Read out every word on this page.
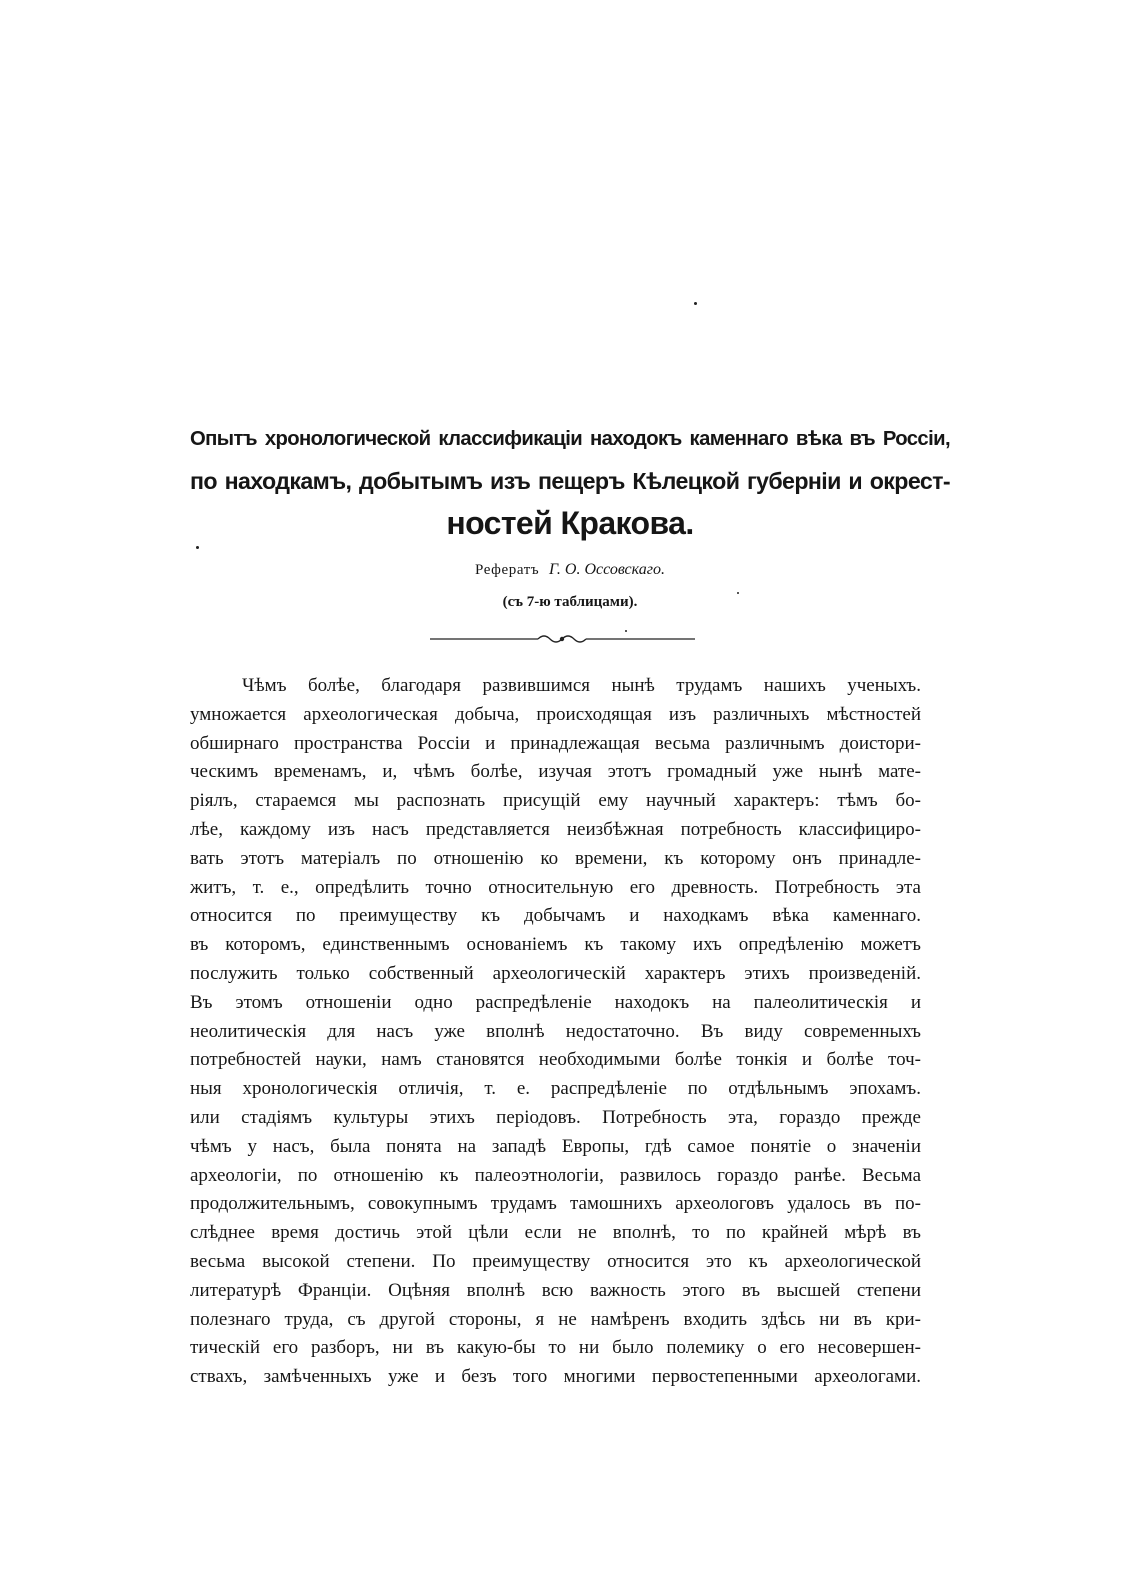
Опытъ хронологической классификаціи находокъ каменнаго вѣка въ Россіи,
по находкамъ, добытымъ изъ пещеръ Кѣлецкой губерніи и окрест-
ностей Кракова.
Рефератъ Г. О. Оссовскаго.
(съ 7-ю таблицами).
Чѣмъ болѣе, благодаря развившимся нынѣ трудамъ нашихъ ученыхъ.
умножается археологическая добыча, происходящая изъ различныхъ мѣстностей
обширнаго пространства Россіи и принадлежащая весьма различнымъ доистори-
ческимъ временамъ, и, чѣмъ болѣе, изучая этотъ громадный уже нынѣ мате-
ріялъ, стараемся мы распознать присущій ему научный характеръ: тѣмъ бо-
лѣе, каждому изъ насъ представляется неизбѣжная потребность классифициро-
вать этотъ матеріалъ по отношенію ко времени, къ которому онъ принадле-
житъ, т. е., опредѣлить точно относительную его древность. Потребность эта
относится по преимуществу къ добычамъ и находкамъ вѣка каменнаго.
въ которомъ, единственнымъ основаніемъ къ такому ихъ опредѣленію можетъ
послужить только собственный археологическій характеръ этихъ произведеній.
Въ этомъ отношеніи одно распредѣленіе находокъ на палеолитическія и
неолитическія для насъ уже вполнѣ недостаточно. Въ виду современныхъ
потребностей науки, намъ становятся необходимыми болѣе тонкія и болѣе точ-
ныя хронологическія отличія, т. е. распредѣленіе по отдѣльнымъ эпохамъ.
или стадіямъ культуры этихъ періодовъ. Потребность эта, гораздо прежде
чѣмъ у насъ, была понята на западѣ Европы, гдѣ самое понятіе о значеніи
археологіи, по отношенію къ палеоэтнологіи, развилось гораздо ранѣе. Весьма
продолжительнымъ, совокупнымъ трудамъ тамошнихъ археологовъ удалось въ по-
слѣднее время достичь этой цѣли если не вполнѣ, то по крайней мѣрѣ въ
весьма высокой степени. По преимуществу относится это къ археологической
литературѣ Франціи. Оцѣняя вполнѣ всю важность этого въ высшей степени
полезнаго труда, съ другой стороны, я не намѣренъ входить здѣсь ни въ кри-
тическій его разборъ, ни въ какую-бы то ни было полемику о его несовершен-
ствахъ, замѣченныхъ уже и безъ того многими первостепенными археологами.
